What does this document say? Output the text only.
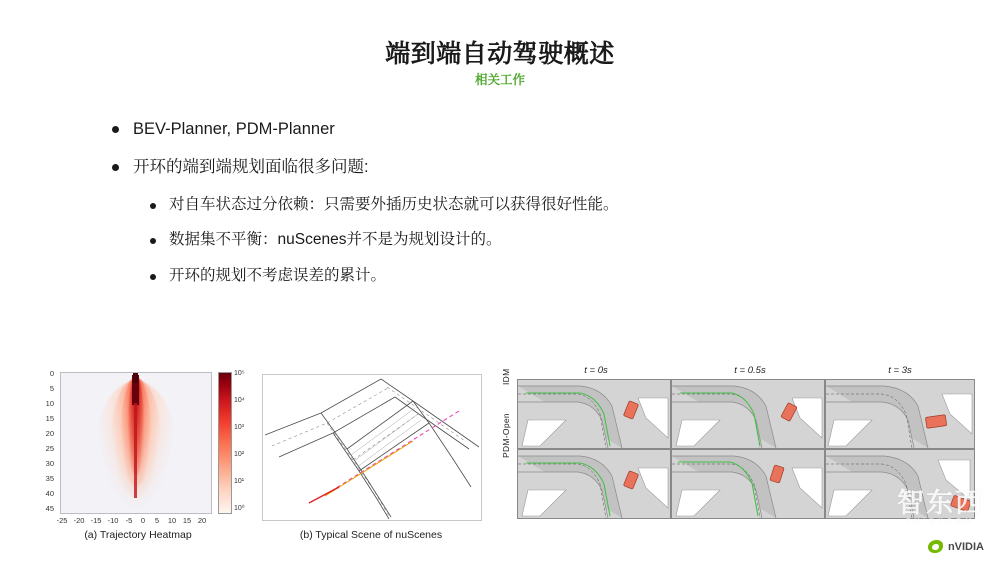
端到端自动驾驶概述
相关工作
BEV-Planner, PDM-Planner
开环的端到端规划面临很多问题:
对自车状态过分依赖：只需要外插历史状态就可以获得很好性能。
数据集不平衡：nuScenes并不是为规划设计的。
开环的规划不考虑误差的累计。
0
5
10
15
20
25
30
35
40
45
-25 -20 -15 -10 -5 0 5 10 15 20
10⁵
10⁴
10³
10²
10¹
10⁰
(a) Trajectory Heatmap	(b) Typical Scene of nuScenes
t = 0s	t = 0.5s	t = 3s
IDM
PDM-Open
智东西
ZHIDXCOM
nVIDIA
